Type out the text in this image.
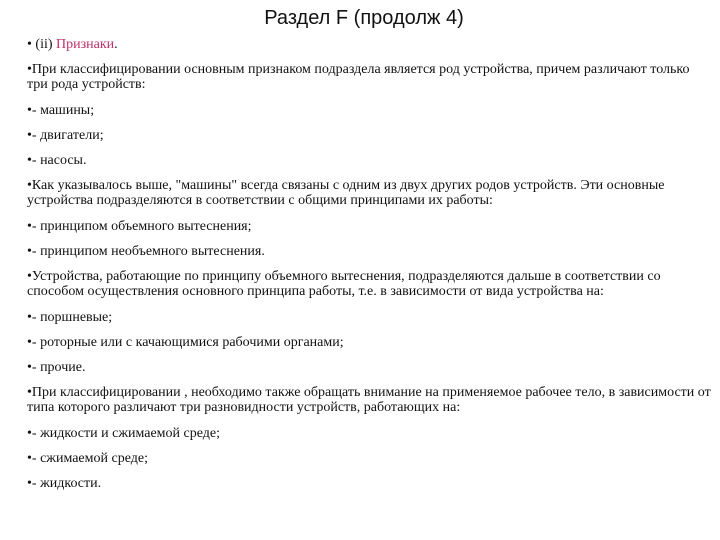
Раздел F (продолж 4)

• (ii) Признаки.

•При классифицировании основным признаком подраздела является род устройства, причем различают только три рода устройств:

•- машины;

•- двигатели;

•- насосы.

•Как указывалось выше, "машины" всегда связаны с одним из двух других родов устройств. Эти основные устройства подразделяются в соответствии с общими принципами их работы:

•- принципом объемного вытеснения;

•- принципом необъемного вытеснения.

•Устройства, работающие по принципу объемного вытеснения, подразделяются дальше в соответствии со способом осуществления основного принципа работы, т.е. в зависимости от вида устройства на:

•- поршневые;

•- роторные или с качающимися рабочими органами;

•- прочие.

•При классифицировании , необходимо также обращать внимание на применяемое рабочее тело, в зависимости от типа которого различают три разновидности устройств, работающих на:

•- жидкости и сжимаемой среде;

•- сжимаемой среде;

•- жидкости.
